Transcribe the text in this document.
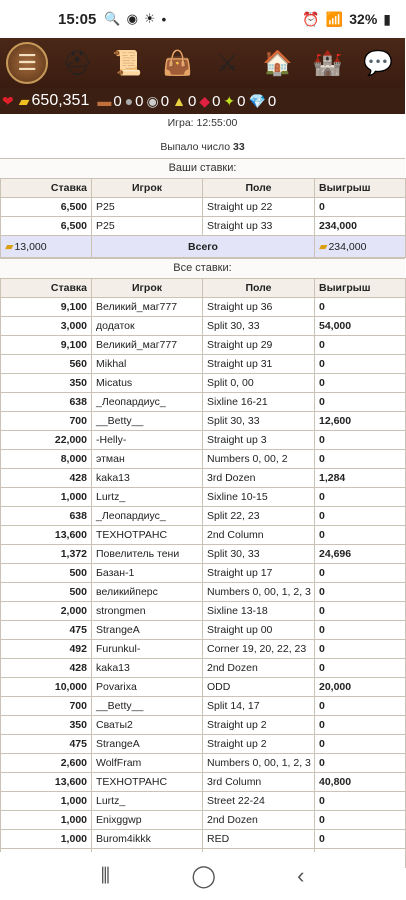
15:05 🔍 ◉ ☀ •	⏰ 📶 32% ▮
☰	⛑ 📜 👜	⚔	🏠 🏰 💬
❤ ▰ 650,351 ▬ 0 ● 0 ◉ 0 ▲ 0 ◆ 0 ✦ 0 💎 0
Игра: 12:55:00
Выпало число 33
Ваши ставки:
Ставка	Игрок	Поле	Выигрыш
6,500	P25	Straight up 22	0
6,500	P25	Straight up 33	234,000
▰13,000	Всего		▰234,000
Все ставки:
Ставка	Игрок	Поле	Выигрыш
9,100	Великий_маг777	Straight up 36	0
3,000	додаток	Split 30, 33	54,000
9,100	Великий_маг777	Straight up 29	0
560	Mikhal	Straight up 31	0
350	Micatus	Split 0, 00	0
638	_Леопардиус_	Sixline 16-21	0
700	__Betty__	Split 30, 33	12,600
22,000	-Helly-	Straight up 3	0
8,000	этман	Numbers 0, 00, 2	0
428	kaka13	3rd Dozen	1,284
1,000	Lurtz_	Sixline 10-15	0
638	_Леопардиус_	Split 22, 23	0
13,600	ТЕХНОТРАНС	2nd Column	0
1,372	Повелитель тени	Split 30, 33	24,696
500	Базан-1	Straight up 17	0
500	великийперс	Numbers 0, 00, 1, 2, 3	0
2,000	strongmen	Sixline 13-18	0
475	StrangeA	Straight up 00	0
492	Furunkul-	Corner 19, 20, 22, 23	0
428	kaka13	2nd Dozen	0
10,000	Povarixa	ODD	20,000
700	__Betty__	Split 14, 17	0
350	Сваты2	Straight up 2	0
475	StrangeA	Straight up 2	0
2,600	WolfFram	Numbers 0, 00, 1, 2, 3	0
13,600	ТЕХНОТРАНС	3rd Column	40,800
1,000	Lurtz_	Street 22-24	0
1,000	Enixggwp	2nd Dozen	0
1,000	Burom4ikkk	RED	0

⦀	◯	‹
